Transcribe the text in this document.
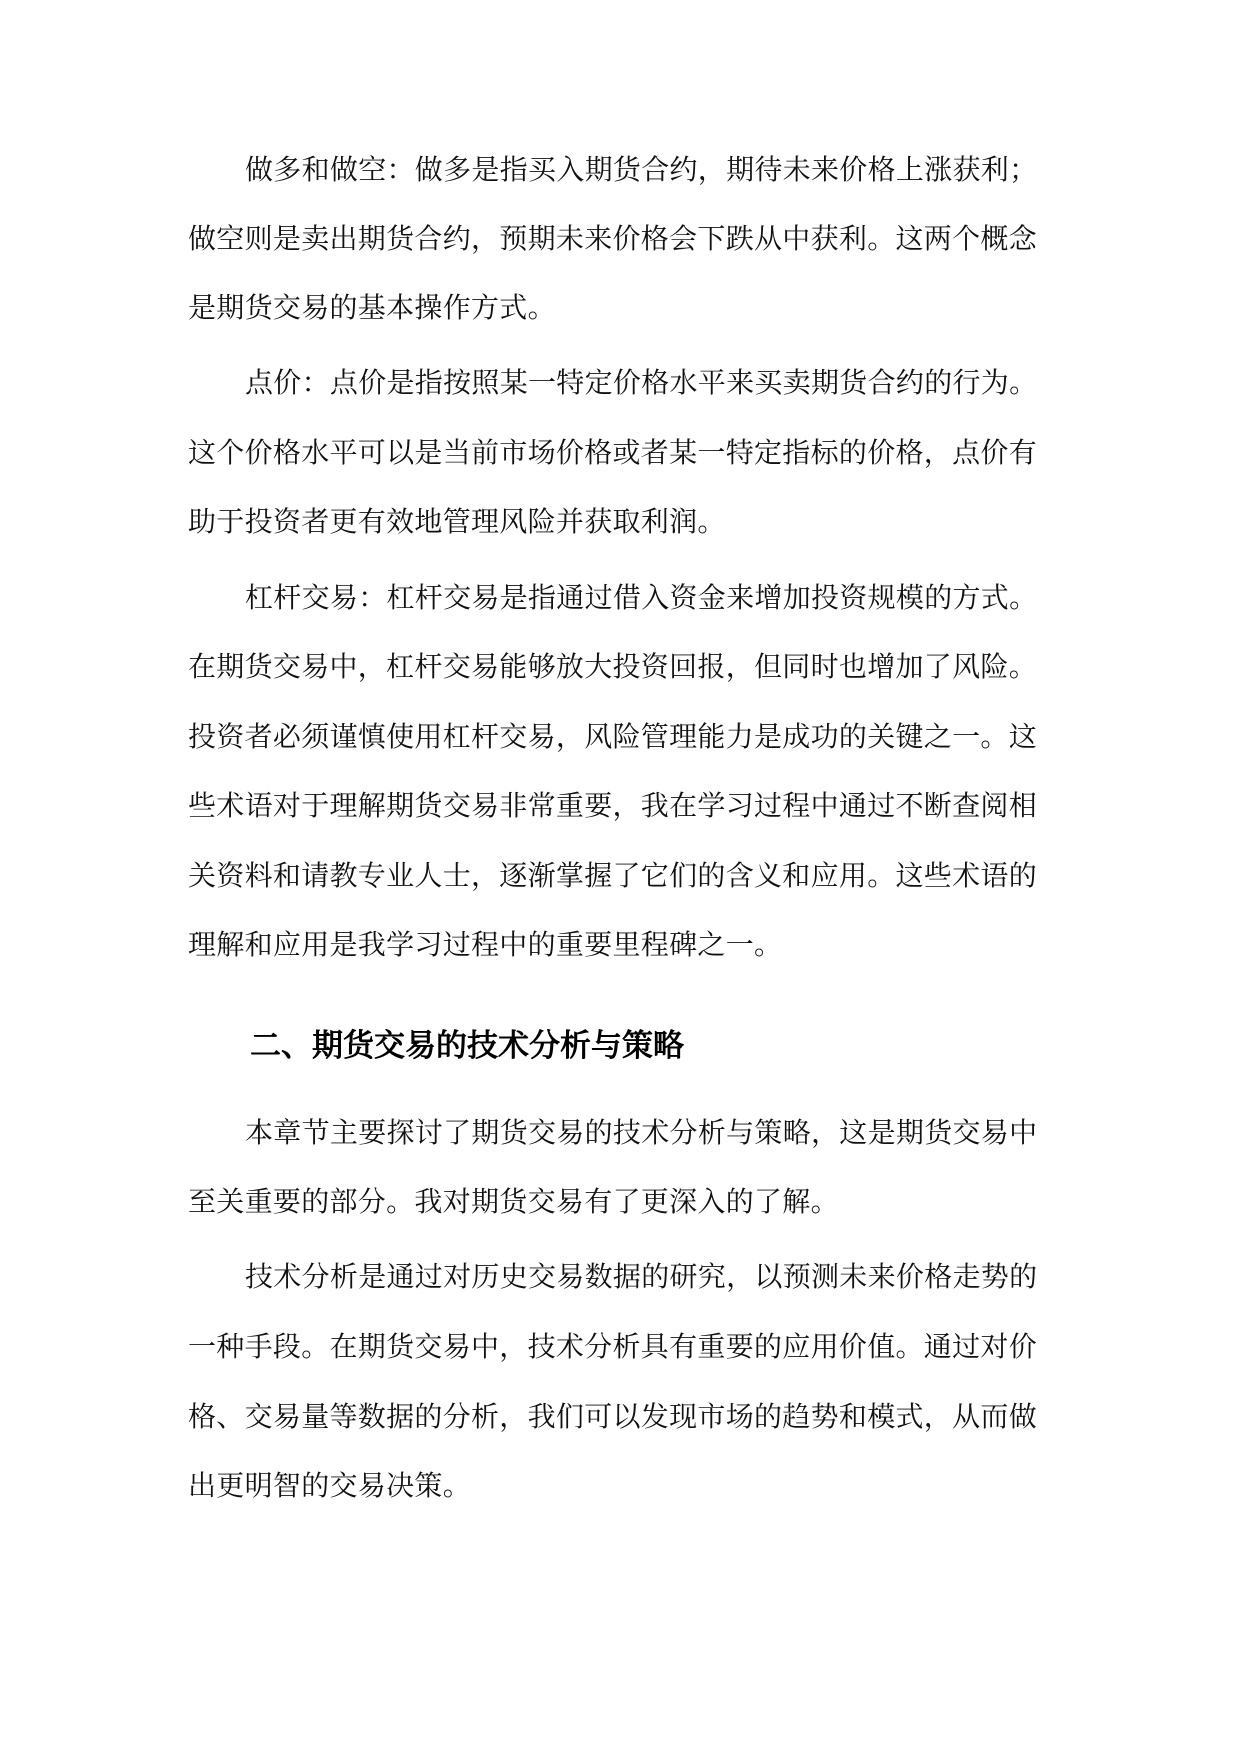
做多和做空：做多是指买入期货合约，期待未来价格上涨获利；
做空则是卖出期货合约，预期未来价格会下跌从中获利。这两个概念
是期货交易的基本操作方式。
点价：点价是指按照某一特定价格水平来买卖期货合约的行为。
这个价格水平可以是当前市场价格或者某一特定指标的价格，点价有
助于投资者更有效地管理风险并获取利润。
杠杆交易：杠杆交易是指通过借入资金来增加投资规模的方式。
在期货交易中，杠杆交易能够放大投资回报，但同时也增加了风险。
投资者必须谨慎使用杠杆交易，风险管理能力是成功的关键之一。这
些术语对于理解期货交易非常重要，我在学习过程中通过不断查阅相
关资料和请教专业人士，逐渐掌握了它们的含义和应用。这些术语的
理解和应用是我学习过程中的重要里程碑之一。
二、期货交易的技术分析与策略
本章节主要探讨了期货交易的技术分析与策略，这是期货交易中
至关重要的部分。我对期货交易有了更深入的了解。
技术分析是通过对历史交易数据的研究，以预测未来价格走势的
一种手段。在期货交易中，技术分析具有重要的应用价值。通过对价
格、交易量等数据的分析，我们可以发现市场的趋势和模式，从而做
出更明智的交易决策。
